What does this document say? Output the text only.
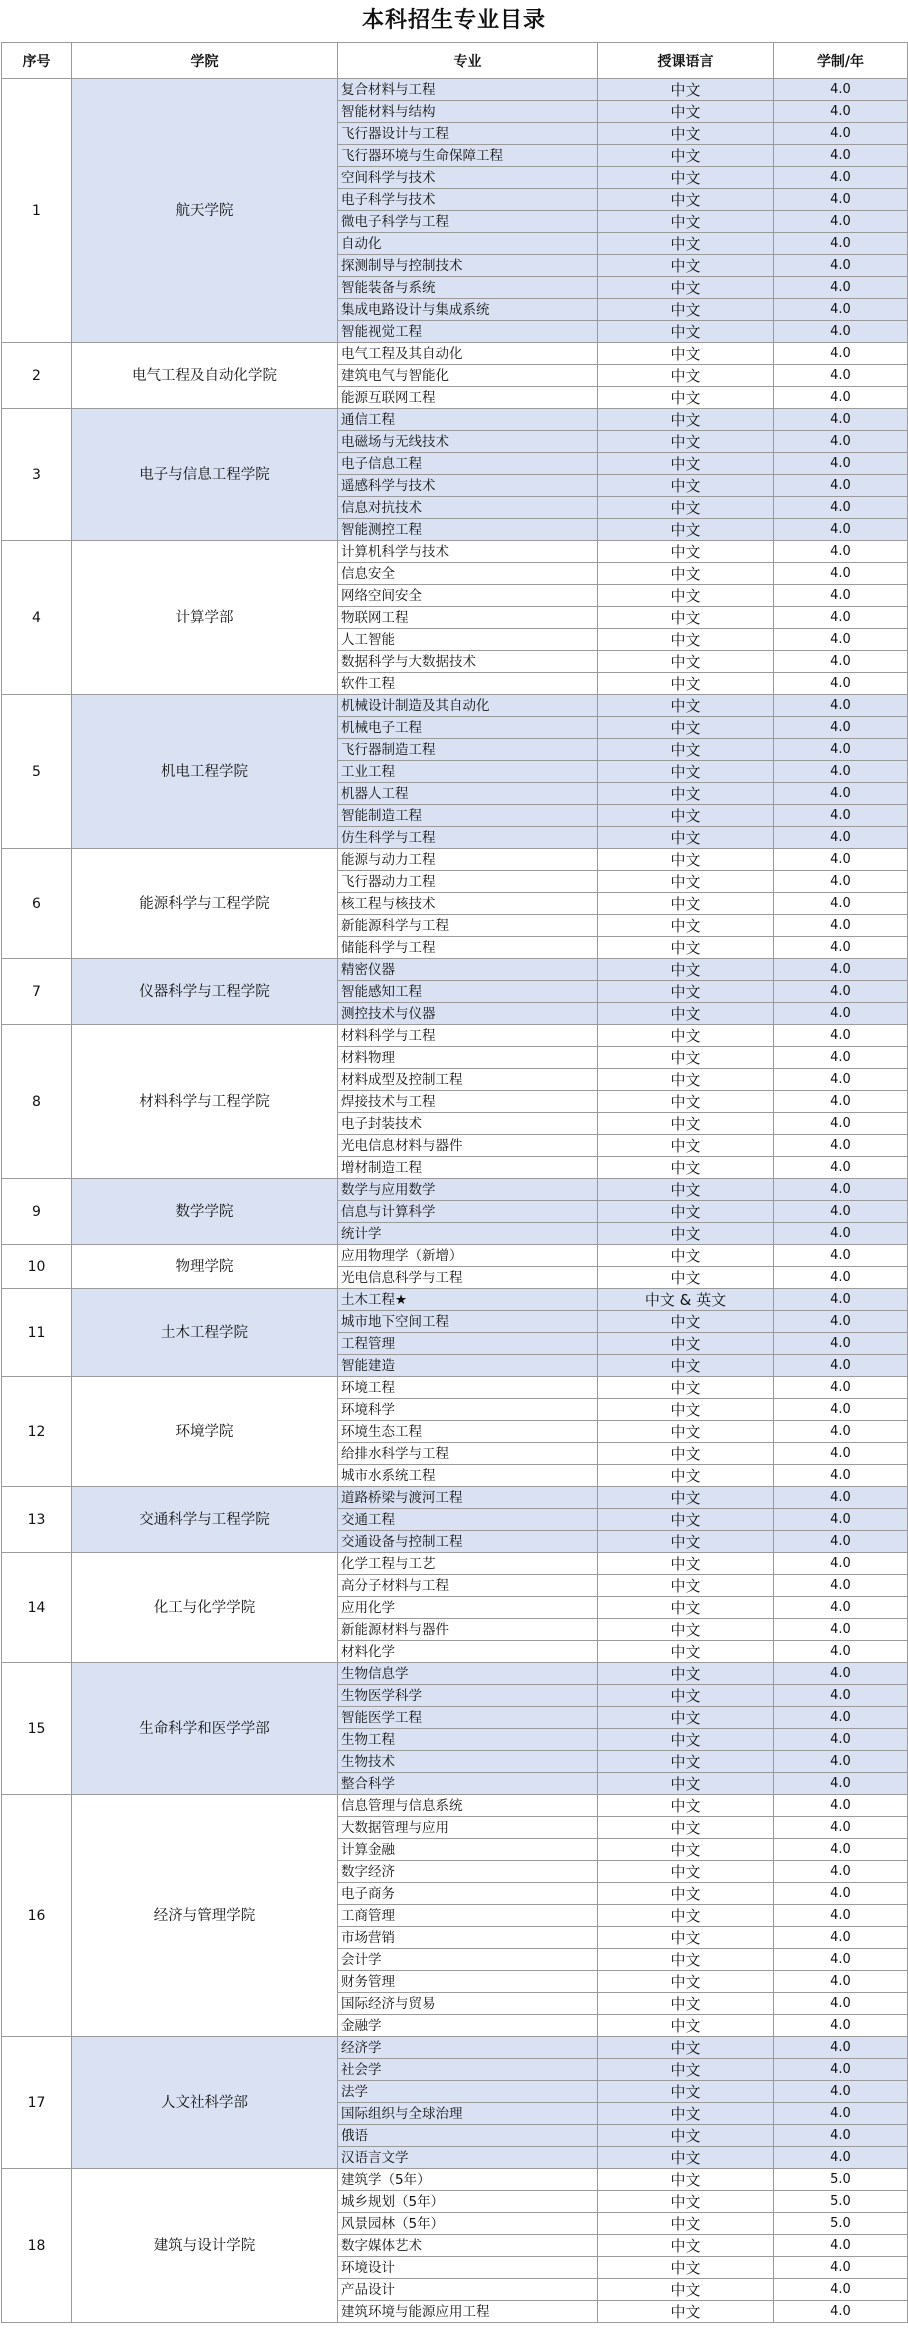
本科招生专业目录
序号	学院	专业	授课语言	学制/年
1	航天学院	复合材料与工程	中文	4.0
		智能材料与结构	中文	4.0
		飞行器设计与工程	中文	4.0
		飞行器环境与生命保障工程	中文	4.0
		空间科学与技术	中文	4.0
		电子科学与技术	中文	4.0
		微电子科学与工程	中文	4.0
		自动化	中文	4.0
		探测制导与控制技术	中文	4.0
		智能装备与系统	中文	4.0
		集成电路设计与集成系统	中文	4.0
		智能视觉工程	中文	4.0
2	电气工程及自动化学院	电气工程及其自动化	中文	4.0
		建筑电气与智能化	中文	4.0
		能源互联网工程	中文	4.0
3	电子与信息工程学院	通信工程	中文	4.0
		电磁场与无线技术	中文	4.0
		电子信息工程	中文	4.0
		遥感科学与技术	中文	4.0
		信息对抗技术	中文	4.0
		智能测控工程	中文	4.0
4	计算学部	计算机科学与技术	中文	4.0
		信息安全	中文	4.0
		网络空间安全	中文	4.0
		物联网工程	中文	4.0
		人工智能	中文	4.0
		数据科学与大数据技术	中文	4.0
		软件工程	中文	4.0
5	机电工程学院	机械设计制造及其自动化	中文	4.0
		机械电子工程	中文	4.0
		飞行器制造工程	中文	4.0
		工业工程	中文	4.0
		机器人工程	中文	4.0
		智能制造工程	中文	4.0
		仿生科学与工程	中文	4.0
6	能源科学与工程学院	能源与动力工程	中文	4.0
		飞行器动力工程	中文	4.0
		核工程与核技术	中文	4.0
		新能源科学与工程	中文	4.0
		储能科学与工程	中文	4.0
7	仪器科学与工程学院	精密仪器	中文	4.0
		智能感知工程	中文	4.0
		测控技术与仪器	中文	4.0
8	材料科学与工程学院	材料科学与工程	中文	4.0
		材料物理	中文	4.0
		材料成型及控制工程	中文	4.0
		焊接技术与工程	中文	4.0
		电子封装技术	中文	4.0
		光电信息材料与器件	中文	4.0
		增材制造工程	中文	4.0
9	数学学院	数学与应用数学	中文	4.0
		信息与计算科学	中文	4.0
		统计学	中文	4.0
10	物理学院	应用物理学（新增）	中文	4.0
		光电信息科学与工程	中文	4.0
11	土木工程学院	土木工程★	中文 & 英文	4.0
		城市地下空间工程	中文	4.0
		工程管理	中文	4.0
		智能建造	中文	4.0
12	环境学院	环境工程	中文	4.0
		环境科学	中文	4.0
		环境生态工程	中文	4.0
		给排水科学与工程	中文	4.0
		城市水系统工程	中文	4.0
13	交通科学与工程学院	道路桥梁与渡河工程	中文	4.0
		交通工程	中文	4.0
		交通设备与控制工程	中文	4.0
14	化工与化学学院	化学工程与工艺	中文	4.0
		高分子材料与工程	中文	4.0
		应用化学	中文	4.0
		新能源材料与器件	中文	4.0
		材料化学	中文	4.0
15	生命科学和医学学部	生物信息学	中文	4.0
		生物医学科学	中文	4.0
		智能医学工程	中文	4.0
		生物工程	中文	4.0
		生物技术	中文	4.0
		整合科学	中文	4.0
16	经济与管理学院	信息管理与信息系统	中文	4.0
		大数据管理与应用	中文	4.0
		计算金融	中文	4.0
		数字经济	中文	4.0
		电子商务	中文	4.0
		工商管理	中文	4.0
		市场营销	中文	4.0
		会计学	中文	4.0
		财务管理	中文	4.0
		国际经济与贸易	中文	4.0
		金融学	中文	4.0
17	人文社科学部	经济学	中文	4.0
		社会学	中文	4.0
		法学	中文	4.0
		国际组织与全球治理	中文	4.0
		俄语	中文	4.0
		汉语言文学	中文	4.0
18	建筑与设计学院	建筑学（5年）	中文	5.0
		城乡规划（5年）	中文	5.0
		风景园林（5年）	中文	5.0
		数字媒体艺术	中文	4.0
		环境设计	中文	4.0
		产品设计	中文	4.0
		建筑环境与能源应用工程	中文	4.0
